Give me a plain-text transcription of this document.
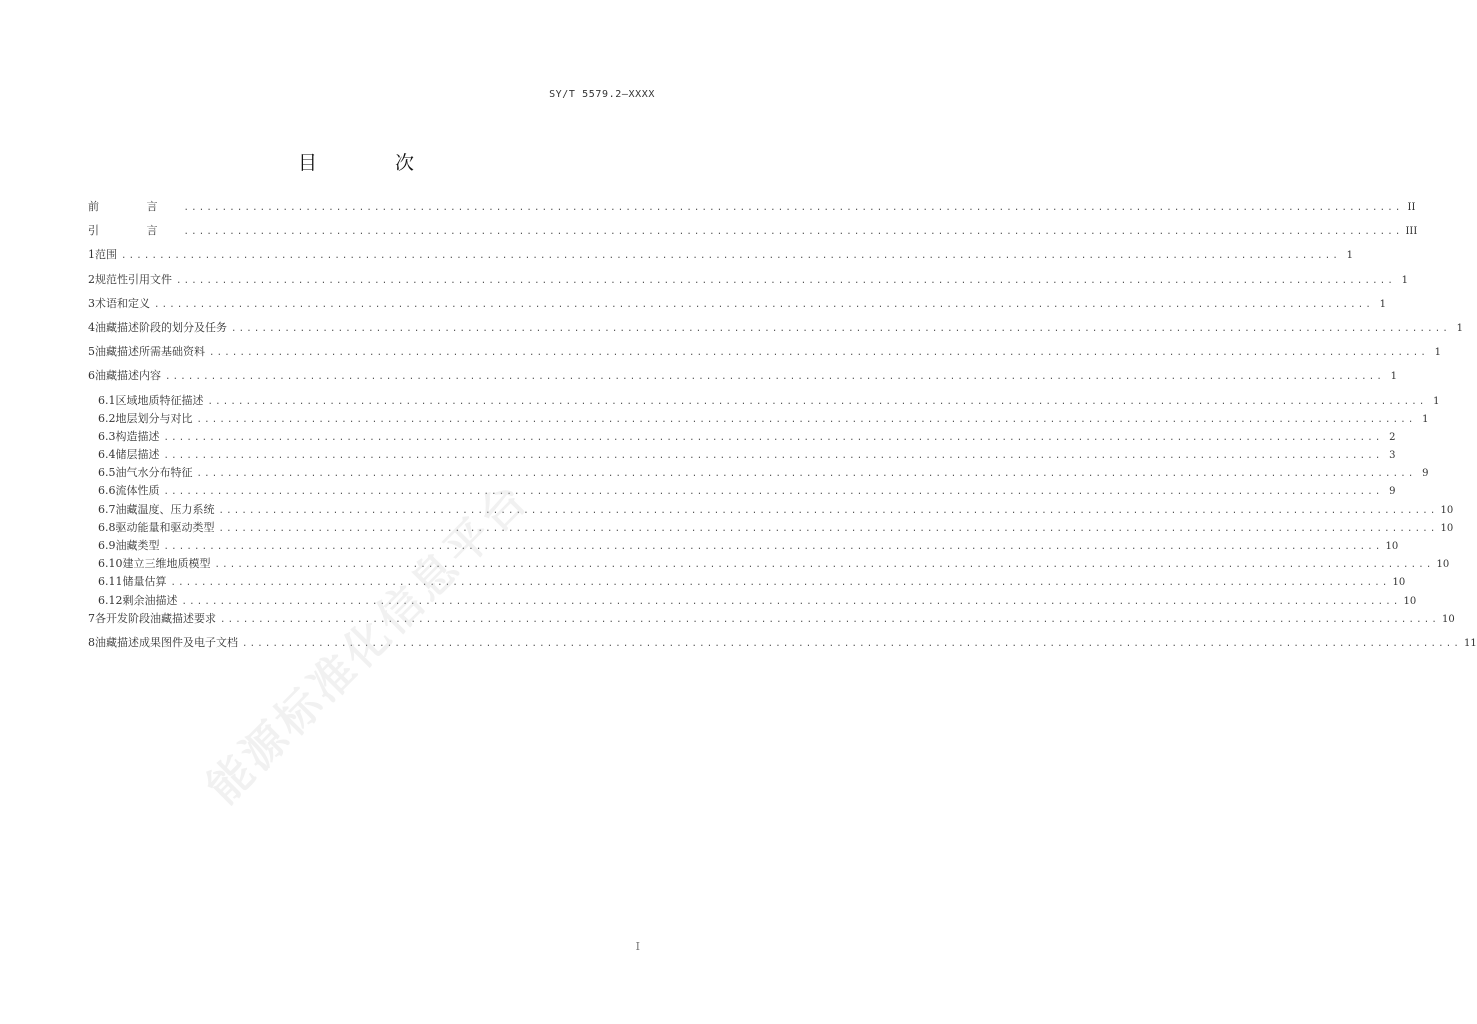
SY/T 5579.2—XXXX
目 次
前 言 ................................................................................................................................................................ II
引 言 ................................................................................................................................................................ III
1 范围 ................................................................................................................................................................ 1
2 规范性引用文件 ................................................................................................................................................................ 1
3 术语和定义 ................................................................................................................................................................ 1
4 油藏描述阶段的划分及任务 ................................................................................................................................................................ 1
5 油藏描述所需基础资料 ................................................................................................................................................................ 1
6 油藏描述内容 ................................................................................................................................................................ 1
6.1 区域地质特征描述 ................................................................................................................................................................ 1
6.2 地层划分与对比 ................................................................................................................................................................ 1
6.3 构造描述 ................................................................................................................................................................ 2
6.4 储层描述 ................................................................................................................................................................ 3
6.5 油气水分布特征 ................................................................................................................................................................ 9
6.6 流体性质 ................................................................................................................................................................ 9
6.7 油藏温度、压力系统 ................................................................................................................................................................ 10
6.8 驱动能量和驱动类型 ................................................................................................................................................................ 10
6.9 油藏类型 ................................................................................................................................................................ 10
6.10 建立三维地质模型 ................................................................................................................................................................ 10
6.11 储量估算 ................................................................................................................................................................ 10
6.12 剩余油描述 ................................................................................................................................................................ 10
7 各开发阶段油藏描述要求 ................................................................................................................................................................ 10
8 油藏描述成果图件及电子文档 ................................................................................................................................................................ 11
I
能源标准化信息平台
